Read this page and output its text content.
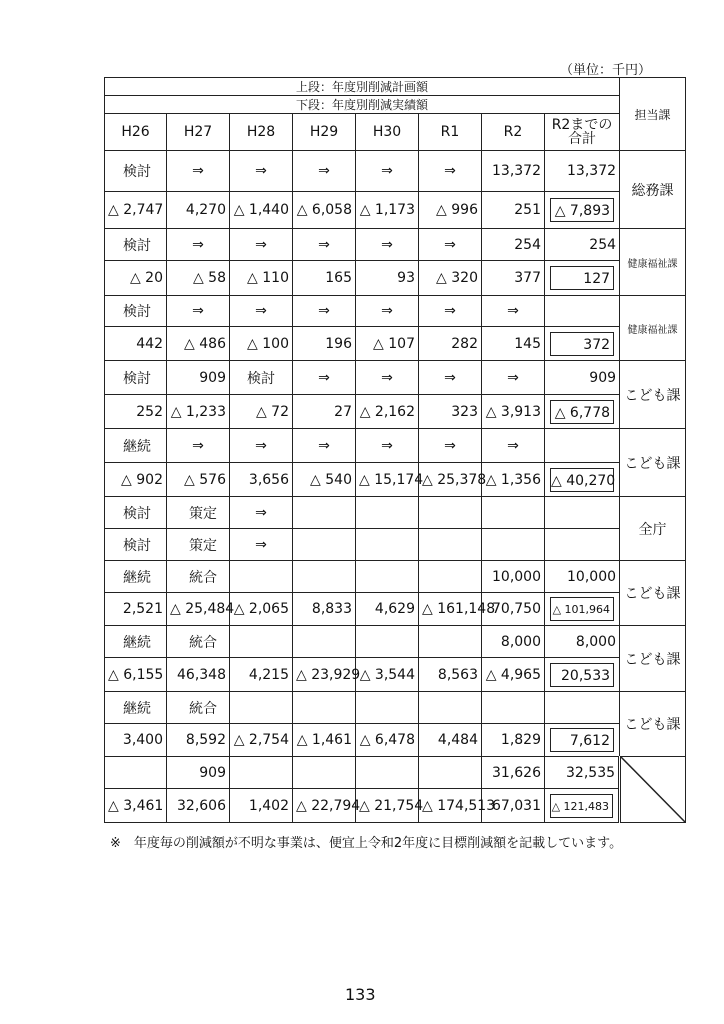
（単位：千円）
上段：年度別削減計画額								担当課
下段：年度別削減実績額								
H26	H27	H28	H29	H30	R1	R2	R2までの
合計	

検討	⇒	⇒	⇒	⇒	⇒	13,372	13,372	総務課
△ 2,747	4,270	△ 1,440	△ 6,058	△ 1,173	△ 996	251	△ 7,893	

検討	⇒	⇒	⇒	⇒	⇒	254	254	健康福祉課
△ 20	△ 58	△ 110	165	93	△ 320	377	127	

検討	⇒	⇒	⇒	⇒	⇒	⇒		健康福祉課
442	△ 486	△ 100	196	△ 107	282	145	372	

検討	909	検討	⇒	⇒	⇒	⇒	909	こども課
252	△ 1,233	△ 72	27	△ 2,162	323	△ 3,913	△ 6,778	

継続	⇒	⇒	⇒	⇒	⇒	⇒		こども課
△ 902	△ 576	3,656	△ 540	△ 15,174	△ 25,378	△ 1,356	△ 40,270	

検討	策定	⇒						全庁
検討	策定	⇒						
継続	統合					10,000	10,000	こども課
2,521	△ 25,484	△ 2,065	8,833	4,629	△ 161,148	70,750	△ 101,964	

継続	統合					8,000	8,000	こども課
△ 6,155	46,348	4,215	△ 23,929	△ 3,544	8,563	△ 4,965	20,533	

継続	統合							こども課
3,400	8,592	△ 2,754	△ 1,461	△ 6,478	4,484	1,829	7,612	

	909					31,626	32,535	

△ 3,461	32,606	1,402	△ 22,794	△ 21,754	△ 174,513	67,031	△ 121,483	
※　年度毎の削減額が不明な事業は、便宜上令和2年度に目標削減額を記載しています。
133
